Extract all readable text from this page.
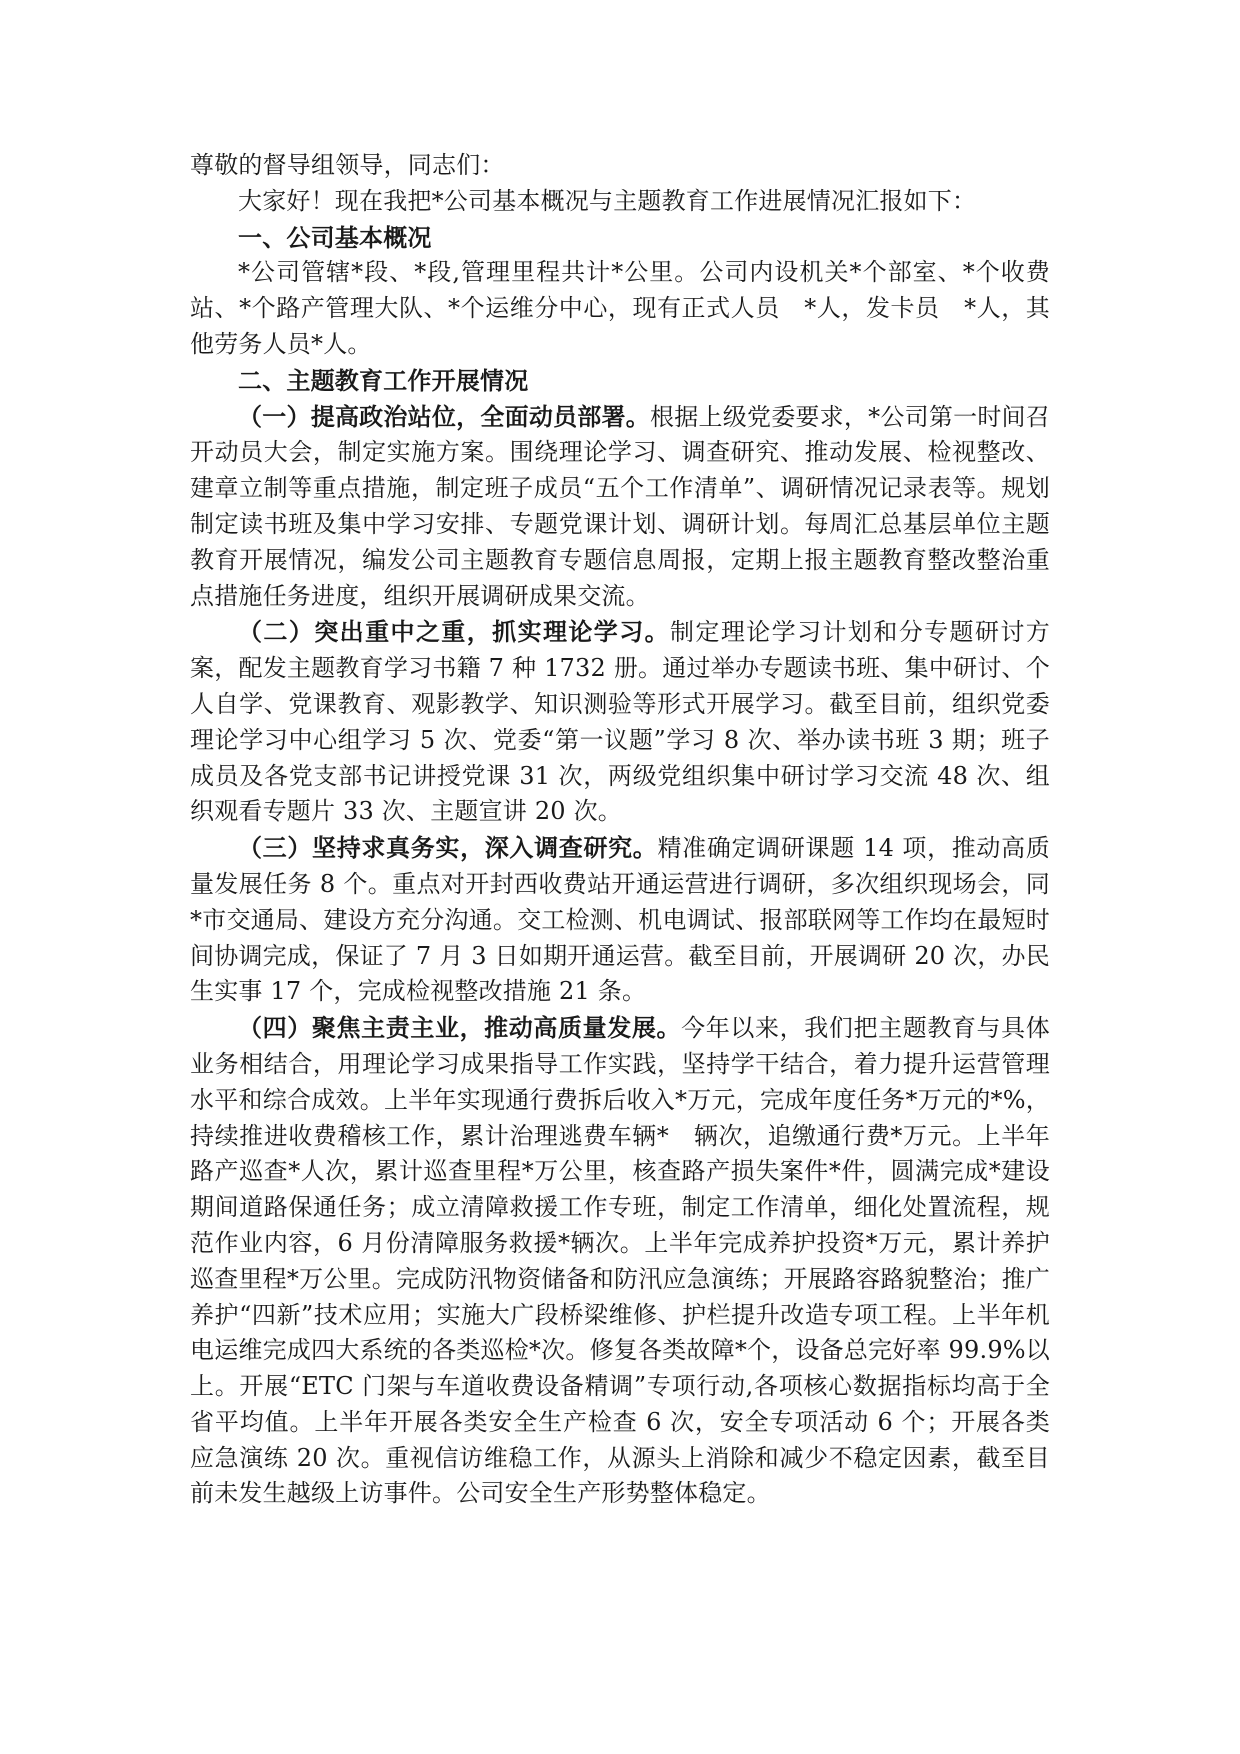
尊敬的督导组领导，同志们：

大家好！现在我把*公司基本概况与主题教育工作进展情况汇报如下：

一、公司基本概况

*公司管辖*段、*段,管理里程共计*公里。公司内设机关*个部室、*个收费站、*个路产管理大队、*个运维分中心，现有正式人员　*人，发卡员　*人，其他劳务人员*人。

二、主题教育工作开展情况

（一）提高政治站位，全面动员部署。根据上级党委要求，*公司第一时间召开动员大会，制定实施方案。围绕理论学习、调查研究、推动发展、检视整改、建章立制等重点措施，制定班子成员“五个工作清单”、调研情况记录表等。规划制定读书班及集中学习安排、专题党课计划、调研计划。每周汇总基层单位主题教育开展情况，编发公司主题教育专题信息周报，定期上报主题教育整改整治重点措施任务进度，组织开展调研成果交流。

（二）突出重中之重，抓实理论学习。制定理论学习计划和分专题研讨方案，配发主题教育学习书籍 7 种 1732 册。通过举办专题读书班、集中研讨、个人自学、党课教育、观影教学、知识测验等形式开展学习。截至目前，组织党委理论学习中心组学习 5 次、党委“第一议题”学习 8 次、举办读书班 3 期；班子成员及各党支部书记讲授党课 31 次，两级党组织集中研讨学习交流 48 次、组织观看专题片 33 次、主题宣讲 20 次。

（三）坚持求真务实，深入调查研究。精准确定调研课题 14 项，推动高质量发展任务 8 个。重点对开封西收费站开通运营进行调研，多次组织现场会，同*市交通局、建设方充分沟通。交工检测、机电调试、报部联网等工作均在最短时间协调完成，保证了 7 月 3 日如期开通运营。截至目前，开展调研 20 次，办民生实事 17 个，完成检视整改措施 21 条。

（四）聚焦主责主业，推动高质量发展。今年以来，我们把主题教育与具体业务相结合，用理论学习成果指导工作实践，坚持学干结合，着力提升运营管理水平和综合成效。上半年实现通行费拆后收入*万元，完成年度任务*万元的*%，持续推进收费稽核工作，累计治理逃费车辆*　辆次，追缴通行费*万元。上半年路产巡查*人次，累计巡查里程*万公里，核查路产损失案件*件，圆满完成*建设期间道路保通任务；成立清障救援工作专班，制定工作清单，细化处置流程，规范作业内容，6 月份清障服务救援*辆次。上半年完成养护投资*万元，累计养护巡查里程*万公里。完成防汛物资储备和防汛应急演练；开展路容路貌整治；推广养护“四新”技术应用；实施大广段桥梁维修、护栏提升改造专项工程。上半年机电运维完成四大系统的各类巡检*次。修复各类故障*个，设备总完好率 99.9%以上。开展“ETC 门架与车道收费设备精调”专项行动,各项核心数据指标均高于全省平均值。上半年开展各类安全生产检查 6 次，安全专项活动 6 个；开展各类应急演练 20 次。重视信访维稳工作，从源头上消除和减少不稳定因素，截至目前未发生越级上访事件。公司安全生产形势整体稳定。
